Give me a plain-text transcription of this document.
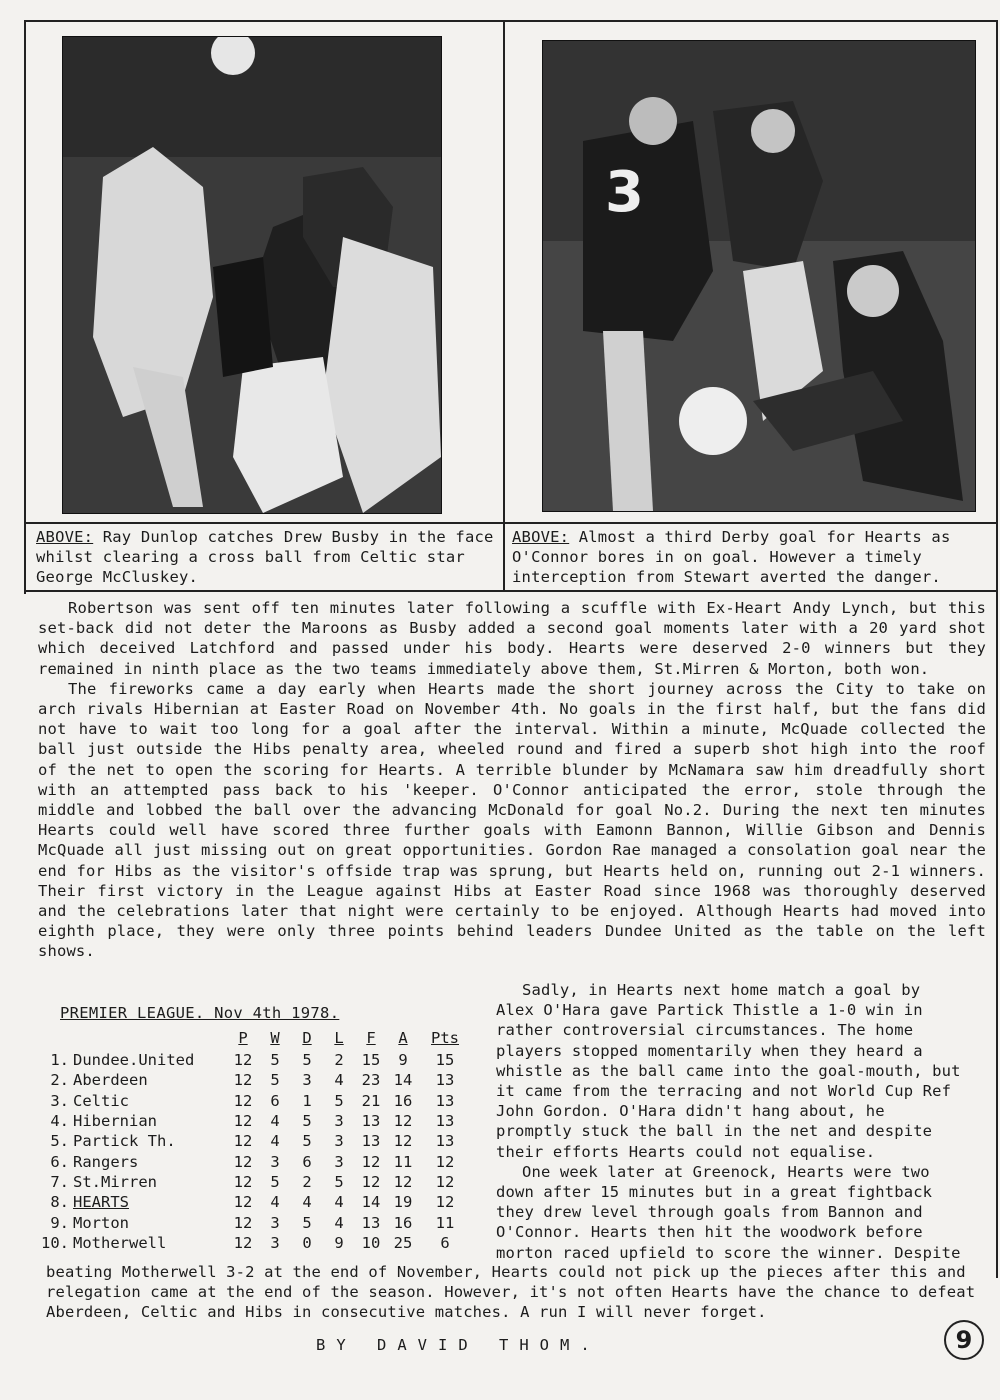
3
ABOVE: Ray Dunlop catches Drew Busby in the face whilst clearing a cross ball from Celtic star George McCluskey.
ABOVE: Almost a third Derby goal for Hearts as O'Connor bores in on goal. However a timely interception from Stewart averted the danger.

Robertson was sent off ten minutes later following a scuffle with Ex-Heart Andy Lynch, but this set-back did not deter the Maroons as Busby added a second goal moments later with a 20 yard shot which deceived Latchford and passed under his body. Hearts were deserved 2-0 winners but they remained in ninth place as the two teams immediately above them, St.Mirren & Morton, both won.

The fireworks came a day early when Hearts made the short journey across the City to take on arch rivals Hibernian at Easter Road on November 4th. No goals in the first half, but the fans did not have to wait too long for a goal after the interval. Within a minute, McQuade collected the ball just outside the Hibs penalty area, wheeled round and fired a superb shot high into the roof of the net to open the scoring for Hearts. A terrible blunder by McNamara saw him dreadfully short with an attempted pass back to his 'keeper. O'Connor anticipated the error, stole through the middle and lobbed the ball over the advancing McDonald for goal No.2. During the next ten minutes Hearts could well have scored three further goals with Eamonn Bannon, Willie Gibson and Dennis McQuade all just missing out on great opportunities. Gordon Rae managed a consolation goal near the end for Hibs as the visitor's offside trap was sprung, but Hearts held on, running out 2-1 winners. Their first victory in the League against Hibs at Easter Road since 1968 was thoroughly deserved and the celebrations later that night were certainly to be enjoyed. Although Hearts had moved into eighth place, they were only three points behind leaders Dundee United as the table on the left shows.

PREMIER LEAGUE. Nov 4th 1978.
		P	W	D	L	F	A	Pts
1.	Dundee.United	12	5	5	2	15	9	15
2.	Aberdeen	12	5	3	4	23	14	13
3.	Celtic	12	6	1	5	21	16	13
4.	Hibernian	12	4	5	3	13	12	13
5.	Partick Th.	12	4	5	3	13	12	13
6.	Rangers	12	3	6	3	12	11	12
7.	St.Mirren	12	5	2	5	12	12	12
8.	HEARTS	12	4	4	4	14	19	12
9.	Morton	12	3	5	4	13	16	11
10.	Motherwell	12	3	0	9	10	25	6

Sadly, in Hearts next home match a goal by Alex O'Hara gave Partick Thistle a 1-0 win in rather controversial circumstances. The home players stopped momentarily when they heard a whistle as the ball came into the goal-mouth, but it came from the terracing and not World Cup Ref John Gordon. O'Hara didn't hang about, he promptly stuck the ball in the net and despite their efforts Hearts could not equalise.

One week later at Greenock, Hearts were two down after 15 minutes but in a great fightback they drew level through goals from Bannon and O'Connor. Hearts then hit the woodwork before morton raced upfield to score the winner. Despite

beating Motherwell 3-2 at the end of November, Hearts could not pick up the pieces after this and relegation came at the end of the season. However, it's not often Hearts have the chance to defeat Aberdeen, Celtic and Hibs in consecutive matches. A run I will never forget.
BY DAVID THOM.	9
